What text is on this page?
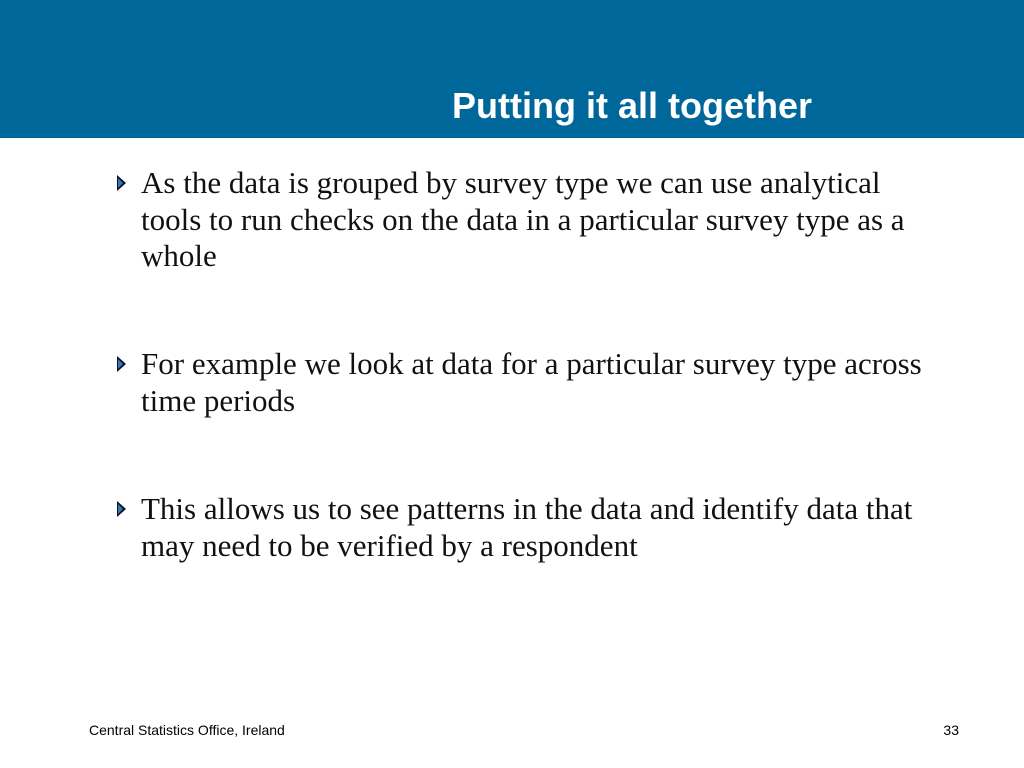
Putting it all together

As the data is grouped by survey type we can use analytical tools to run checks on the data in a particular survey type as a whole

For example we look at data for a particular survey type across time periods

This allows us to see patterns in the data and identify data that may need to be verified by a respondent

Central Statistics Office, Ireland	33
